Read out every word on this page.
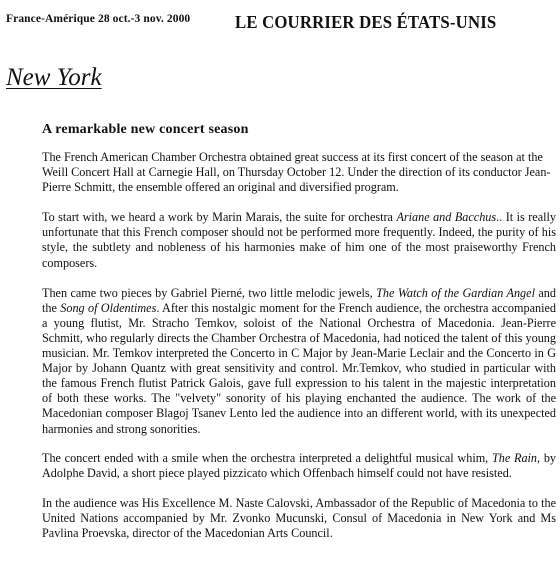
France-Amérique 28 oct.-3 nov. 2000 LE COURRIER DES ÉTATS-UNIS
New York
A remarkable new concert season

The French American Chamber Orchestra obtained great success at its first concert of the season at the Weill Concert Hall at Carnegie Hall, on Thursday October 12. Under the direction of its conductor Jean-Pierre Schmitt, the ensemble offered an original and diversified program.

To start with, we heard a work by Marin Marais, the suite for orchestra Ariane and Bacchus.. It is really unfortunate that this French composer should not be performed more frequently. Indeed, the purity of his style, the subtlety and nobleness of his harmonies make of him one of the most praiseworthy French composers.

Then came two pieces by Gabriel Pierné, two little melodic jewels, The Watch of the Gardian Angel and the Song of Oldentimes. After this nostalgic moment for the French audience, the orchestra accompanied a young flutist, Mr. Stracho Temkov, soloist of the National Orchestra of Macedonia. Jean-Pierre Schmitt, who regularly directs the Chamber Orchestra of Macedonia, had noticed the talent of this young musician. Mr. Temkov interpreted the Concerto in C Major by Jean-Marie Leclair and the Concerto in G Major by Johann Quantz with great sensitivity and control. Mr.Temkov, who studied in particular with the famous French flutist Patrick Galois, gave full expression to his talent in the majestic interpretation of both these works. The "velvety" sonority of his playing enchanted the audience. The work of the Macedonian composer Blagoj Tsanev Lento led the audience into an different world, with its unexpected harmonies and strong sonorities.

The concert ended with a smile when the orchestra interpreted a delightful musical whim, The Rain, by Adolphe David, a short piece played pizzicato which Offenbach himself could not have resisted.

In the audience was His Excellence M. Naste Calovski, Ambassador of the Republic of Macedonia to the United Nations accompanied by Mr. Zvonko Mucunski, Consul of Macedonia in New York and Ms Pavlina Proevska, director of the Macedonian Arts Council.
